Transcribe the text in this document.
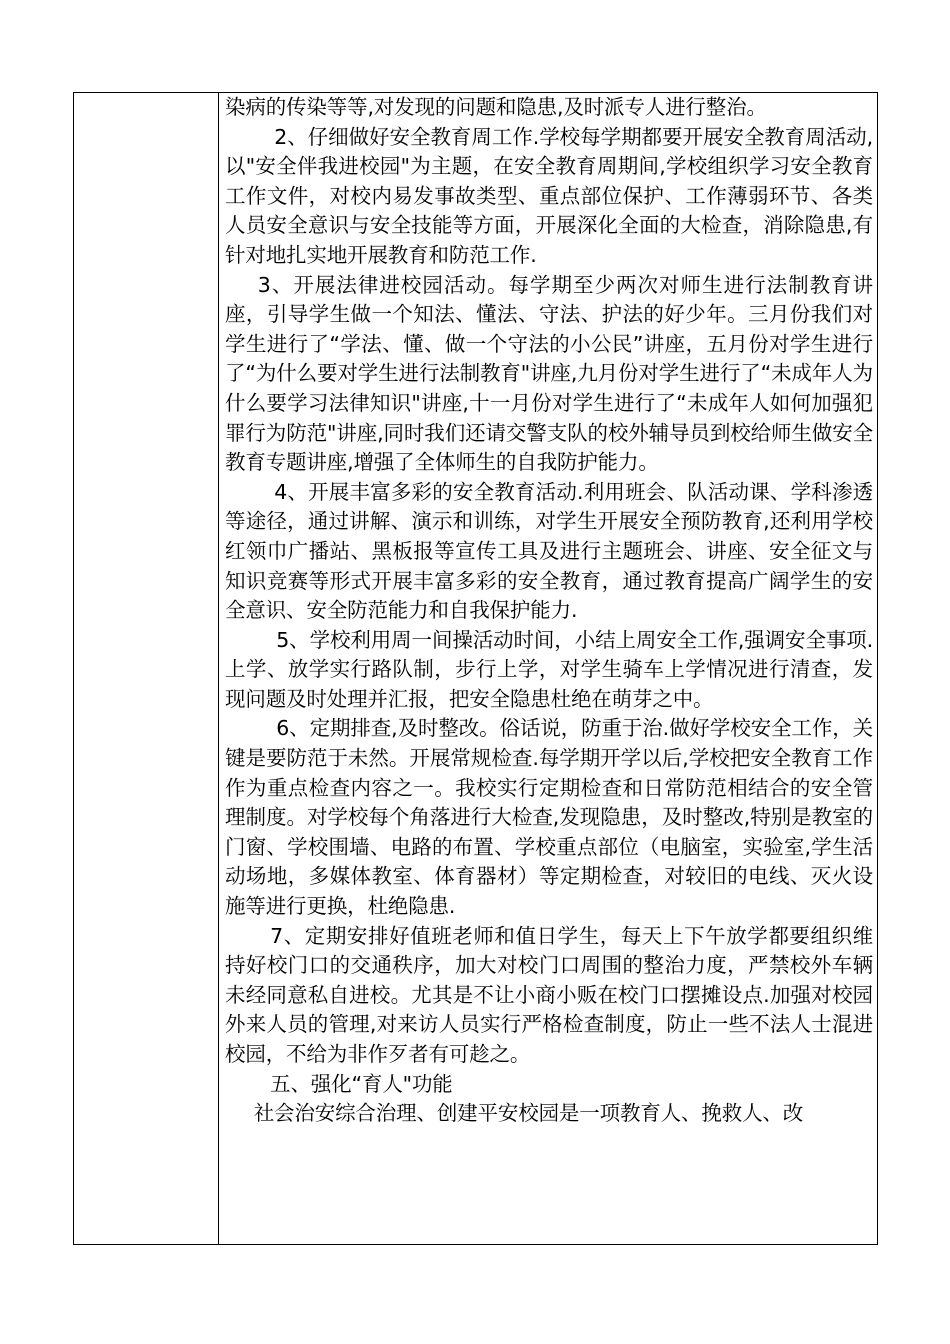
染病的传染等等,对发现的问题和隐患,及时派专人进行整治。

2、仔细做好安全教育周工作.学校每学期都要开展安全教育周活动,以"安全伴我进校园"为主题，在安全教育周期间,学校组织学习安全教育工作文件，对校内易发事故类型、重点部位保护、工作薄弱环节、各类人员安全意识与安全技能等方面，开展深化全面的大检查，消除隐患,有针对地扎实地开展教育和防范工作.

3、开展法律进校园活动。每学期至少两次对师生进行法制教育讲座，引导学生做一个知法、懂法、守法、护法的好少年。三月份我们对学生进行了“学法、懂、做一个守法的小公民”讲座，五月份对学生进行了“为什么要对学生进行法制教育"讲座,九月份对学生进行了“未成年人为什么要学习法律知识"讲座,十一月份对学生进行了“未成年人如何加强犯罪行为防范"讲座,同时我们还请交警支队的校外辅导员到校给师生做安全教育专题讲座,增强了全体师生的自我防护能力。

4、开展丰富多彩的安全教育活动.利用班会、队活动课、学科渗透等途径，通过讲解、演示和训练，对学生开展安全预防教育,还利用学校红领巾广播站、黑板报等宣传工具及进行主题班会、讲座、安全征文与知识竞赛等形式开展丰富多彩的安全教育，通过教育提高广阔学生的安全意识、安全防范能力和自我保护能力.

5、学校利用周一间操活动时间，小结上周安全工作,强调安全事项.上学、放学实行路队制，步行上学，对学生骑车上学情况进行清查，发现问题及时处理并汇报，把安全隐患杜绝在萌芽之中。

6、定期排查,及时整改。俗话说，防重于治.做好学校安全工作，关键是要防范于未然。开展常规检查.每学期开学以后,学校把安全教育工作作为重点检查内容之一。我校实行定期检查和日常防范相结合的安全管理制度。对学校每个角落进行大检查,发现隐患，及时整改,特别是教室的门窗、学校围墙、电路的布置、学校重点部位（电脑室，实验室,学生活动场地，多媒体教室、体育器材）等定期检查，对较旧的电线、灭火设施等进行更换，杜绝隐患.

7、定期安排好值班老师和值日学生，每天上下午放学都要组织维持好校门口的交通秩序，加大对校门口周围的整治力度，严禁校外车辆未经同意私自进校。尤其是不让小商小贩在校门口摆摊设点.加强对校园外来人员的管理,对来访人员实行严格检查制度，防止一些不法人士混进校园，不给为非作歹者有可趁之。

五、强化“育人"功能

社会治安综合治理、创建平安校园是一项教育人、挽救人、改
